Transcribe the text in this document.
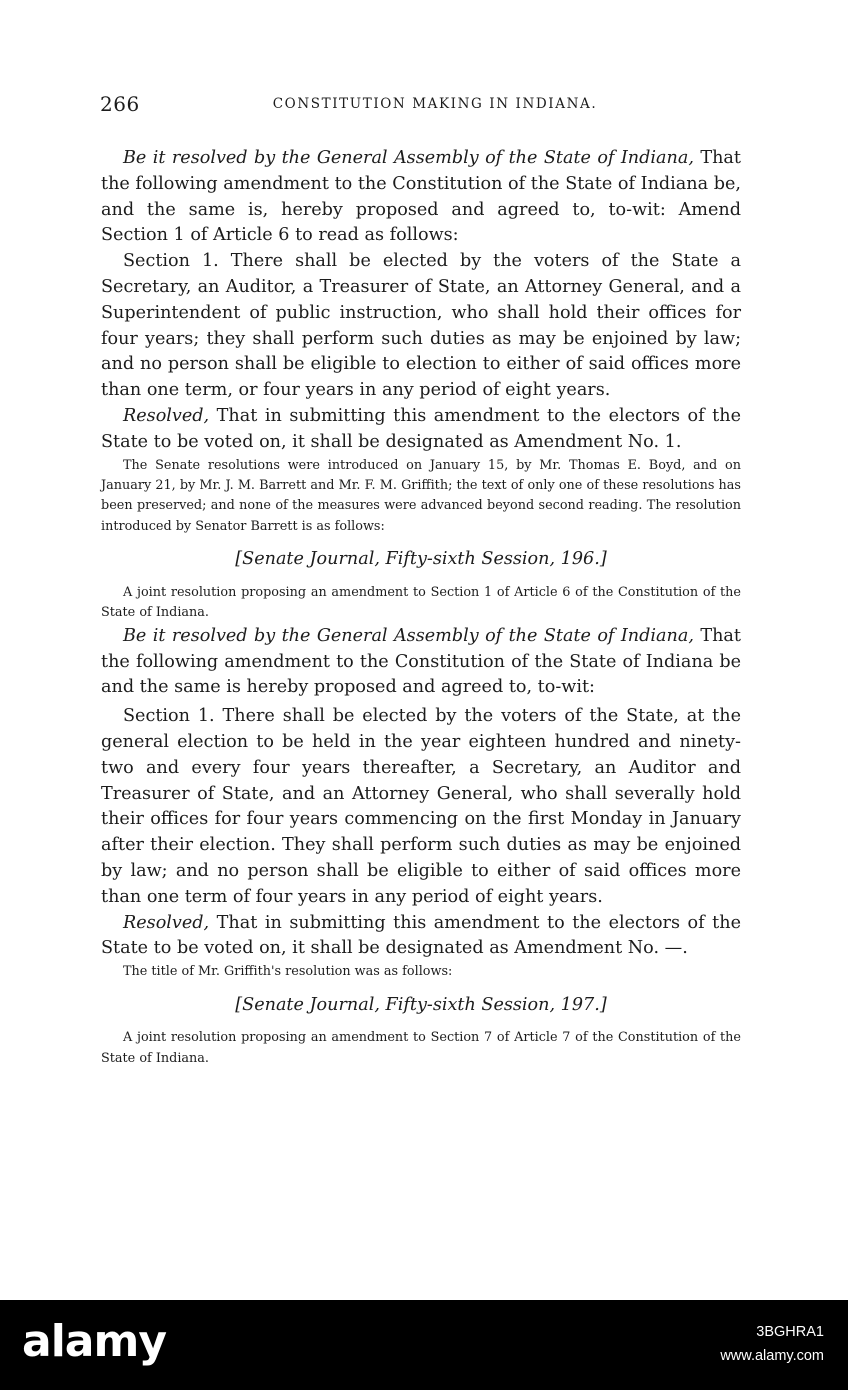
266	CONSTITUTION MAKING IN INDIANA.

Be it resolved by the General Assembly of the State of Indiana, That the following amendment to the Constitution of the State of Indiana be, and the same is, hereby proposed and agreed to, to-wit: Amend Section 1 of Article 6 to read as follows:

Section 1. There shall be elected by the voters of the State a Secretary, an Auditor, a Treasurer of State, an Attorney General, and a Superintendent of public instruction, who shall hold their offices for four years; they shall perform such duties as may be enjoined by law; and no person shall be eligible to election to either of said offices more than one term, or four years in any period of eight years.

Resolved, That in submitting this amendment to the electors of the State to be voted on, it shall be designated as Amendment No. 1.

The Senate resolutions were introduced on January 15, by Mr. Thomas E. Boyd, and on January 21, by Mr. J. M. Barrett and Mr. F. M. Griffith; the text of only one of these resolutions has been preserved; and none of the measures were advanced beyond second reading. The resolution introduced by Senator Barrett is as follows:

[Senate Journal, Fifty-sixth Session, 196.]

A joint resolution proposing an amendment to Section 1 of Article 6 of the Constitution of the State of Indiana.

Be it resolved by the General Assembly of the State of Indiana, That the following amendment to the Constitution of the State of Indiana be and the same is hereby proposed and agreed to, to-wit:

Section 1. There shall be elected by the voters of the State, at the general election to be held in the year eighteen hundred and ninety-two and every four years thereafter, a Secretary, an Auditor and Treasurer of State, and an Attorney General, who shall severally hold their offices for four years commencing on the first Monday in January after their election. They shall perform such duties as may be enjoined by law; and no person shall be eligible to either of said offices more than one term of four years in any period of eight years.

Resolved, That in submitting this amendment to the electors of the State to be voted on, it shall be designated as Amendment No. —.

The title of Mr. Griffith's resolution was as follows:

[Senate Journal, Fifty-sixth Session, 197.]

A joint resolution proposing an amendment to Section 7 of Article 7 of the Constitution of the State of Indiana.

alamy	3BGHRA1
www.alamy.com
